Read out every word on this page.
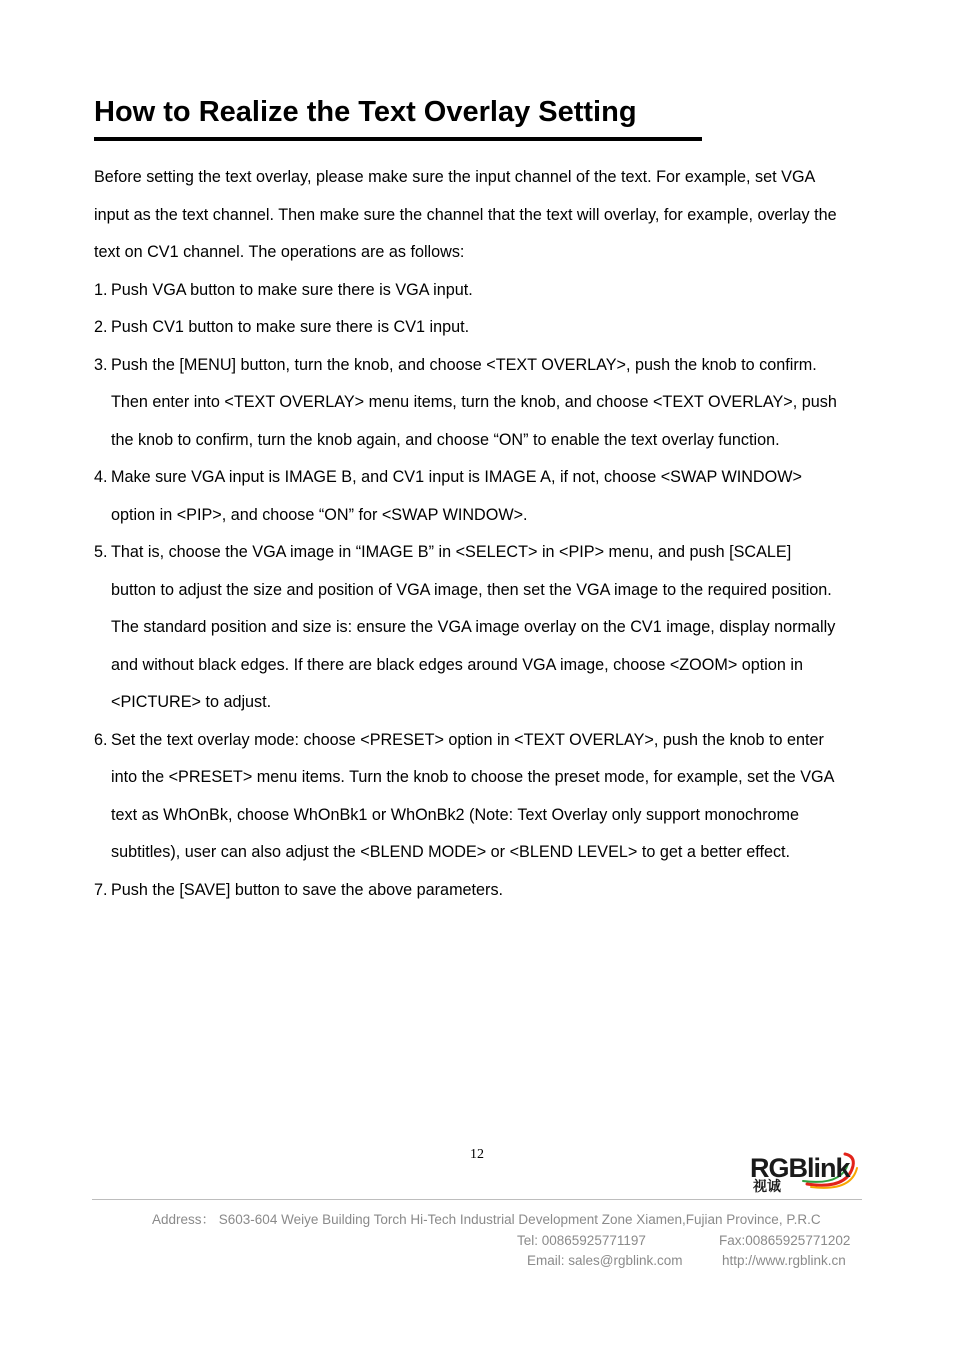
How to Realize the Text Overlay Setting

Before setting the text overlay, please make sure the input channel of the text. For example, set VGA

input as the text channel. Then make sure the channel that the text will overlay, for example, overlay the

text on CV1 channel. The operations are as follows:

1. Push VGA button to make sure there is VGA input.
2. Push CV1 button to make sure there is CV1 input.
3. Push the [MENU] button, turn the knob, and choose <TEXT OVERLAY>, push the knob to confirm.
Then enter into <TEXT OVERLAY> menu items, turn the knob, and choose <TEXT OVERLAY>, push
the knob to confirm, turn the knob again, and choose “ON” to enable the text overlay function.
4. Make sure VGA input is IMAGE B, and CV1 input is IMAGE A, if not, choose <SWAP WINDOW>
option in <PIP>, and choose “ON” for <SWAP WINDOW>.
5. That is, choose the VGA image in “IMAGE B” in <SELECT> in <PIP> menu, and push [SCALE]
button to adjust the size and position of VGA image, then set the VGA image to the required position.
The standard position and size is: ensure the VGA image overlay on the CV1 image, display normally
and without black edges. If there are black edges around VGA image, choose <ZOOM> option in
<PICTURE> to adjust.
6. Set the text overlay mode: choose <PRESET> option in <TEXT OVERLAY>, push the knob to enter
into the <PRESET> menu items. Turn the knob to choose the preset mode, for example, set the VGA
text as WhOnBk, choose WhOnBk1 or WhOnBk2 (Note: Text Overlay only support monochrome
subtitles), user can also adjust the <BLEND MODE> or <BLEND LEVEL> to get a better effect.
7. Push the [SAVE] button to save the above parameters.
12	RGBlink
视诚
Address： S603-604 Weiye Building Torch Hi-Tech Industrial Development Zone Xiamen,Fujian Province, P.R.C
Tel: 00865925771197	Fax:00865925771202
Email: sales@rgblink.com	http://www.rgblink.cn
